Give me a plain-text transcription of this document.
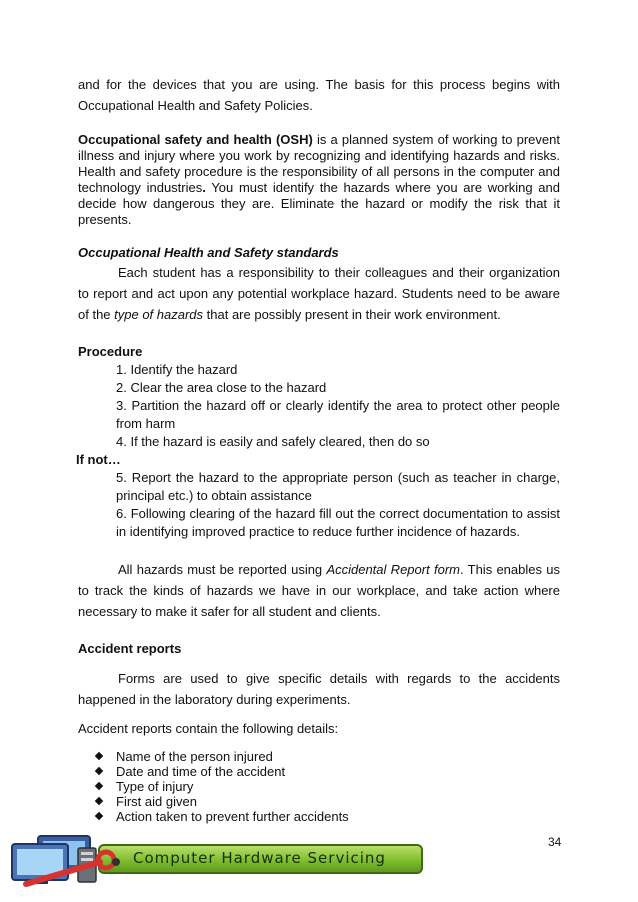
and for the devices that you are using. The basis for this process begins with Occupational Health and Safety Policies.

Occupational safety and health (OSH) is a planned system of working to prevent illness and injury where you work by recognizing and identifying hazards and risks. Health and safety procedure is the responsibility of all persons in the computer and technology industries. You must identify the hazards where you are working and decide how dangerous they are. Eliminate the hazard or modify the risk that it presents.

Occupational Health and Safety standards

Each student has a responsibility to their colleagues and their organization to report and act upon any potential workplace hazard. Students need to be aware of the type of hazards that are possibly present in their work environment.

Procedure

1. Identify the hazard
2. Clear the area close to the hazard
3. Partition the hazard off or clearly identify the area to protect other people from harm
4. If the hazard is easily and safely cleared, then do so
If not…
5. Report the hazard to the appropriate person (such as teacher in charge, principal etc.) to obtain assistance
6. Following clearing of the hazard fill out the correct documentation to assist in identifying improved practice to reduce further incidence of hazards.

All hazards must be reported using Accidental Report form. This enables us to track the kinds of hazards we have in our workplace, and take action where necessary to make it safer for all student and clients.

Accident reports

Forms are used to give specific details with regards to the accidents happened in the laboratory during experiments.

Accident reports contain the following details:

Name of the person injured
Date and time of the accident
Type of injury
First aid given
Action taken to prevent further accidents
34
Computer Hardware Servicing
